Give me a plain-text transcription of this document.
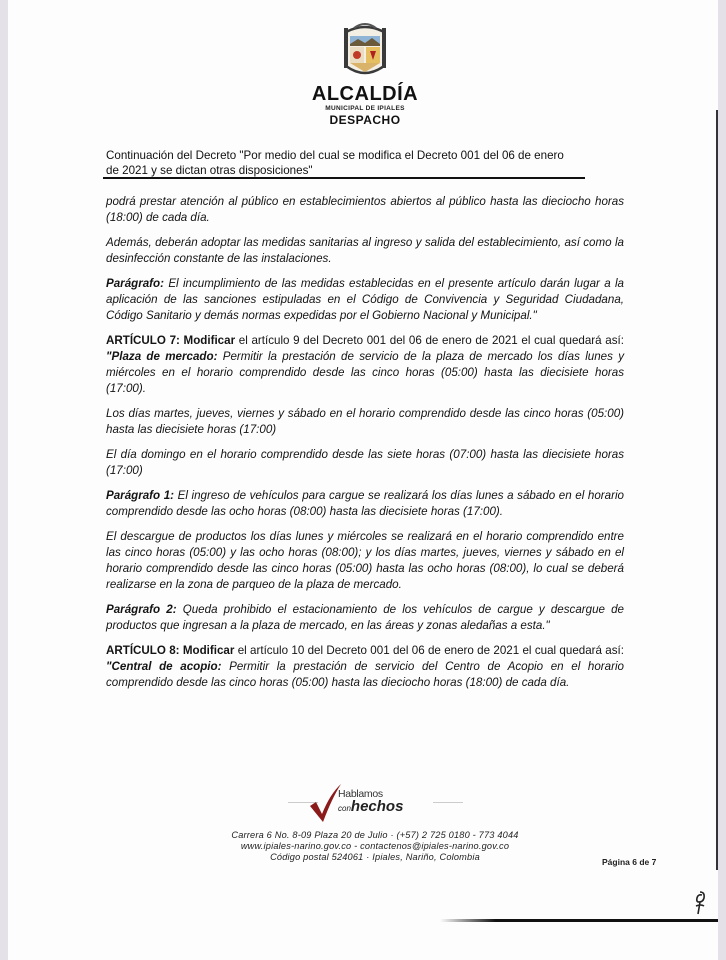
ALCALDÍA
MUNICIPAL DE IPIALES
DESPACHO
Continuación del Decreto "Por medio del cual se modifica el Decreto 001 del 06 de enero
de 2021 y se dictan otras disposiciones"

podrá prestar atención al público en establecimientos abiertos al público hasta las dieciocho horas (18:00) de cada día.

Además, deberán adoptar las medidas sanitarias al ingreso y salida del establecimiento, así como la desinfección constante de las instalaciones.

Parágrafo: El incumplimiento de las medidas establecidas en el presente artículo darán lugar a la aplicación de las sanciones estipuladas en el Código de Convivencia y Seguridad Ciudadana, Código Sanitario y demás normas expedidas por el Gobierno Nacional y Municipal."

ARTÍCULO 7: Modificar el artículo 9 del Decreto 001 del 06 de enero de 2021 el cual quedará así: "Plaza de mercado: Permitir la prestación de servicio de la plaza de mercado los días lunes y miércoles en el horario comprendido desde las cinco horas (05:00) hasta las diecisiete horas (17:00).

Los días martes, jueves, viernes y sábado en el horario comprendido desde las cinco horas (05:00) hasta las diecisiete horas (17:00)

El día domingo en el horario comprendido desde las siete horas (07:00) hasta las diecisiete horas (17:00)

Parágrafo 1: El ingreso de vehículos para cargue se realizará los días lunes a sábado en el horario comprendido desde las ocho horas (08:00) hasta las diecisiete horas (17:00).

El descargue de productos los días lunes y miércoles se realizará en el horario comprendido entre las cinco horas (05:00) y las ocho horas (08:00); y los días martes, jueves, viernes y sábado en el horario comprendido desde las cinco horas (05:00) hasta las ocho horas (08:00), lo cual se deberá realizarse en la zona de parqueo de la plaza de mercado.

Parágrafo 2: Queda prohibido el estacionamiento de los vehículos de cargue y descargue de productos que ingresan a la plaza de mercado, en las áreas y zonas aledañas a esta."

ARTÍCULO 8: Modificar el artículo 10 del Decreto 001 del 06 de enero de 2021 el cual quedará así: "Central de acopio: Permitir la prestación de servicio del Centro de Acopio en el horario comprendido desde las cinco horas (05:00) hasta las dieciocho horas (18:00) de cada día.

Hablamos
conhechos
Carrera 6 No. 8-09 Plaza 20 de Julio · (+57) 2 725 0180 - 773 4044
www.ipiales-narino.gov.co - contactenos@ipiales-narino.gov.co
Código postal 524061 · Ipiales, Nariño, Colombia	Página 6 de 7
